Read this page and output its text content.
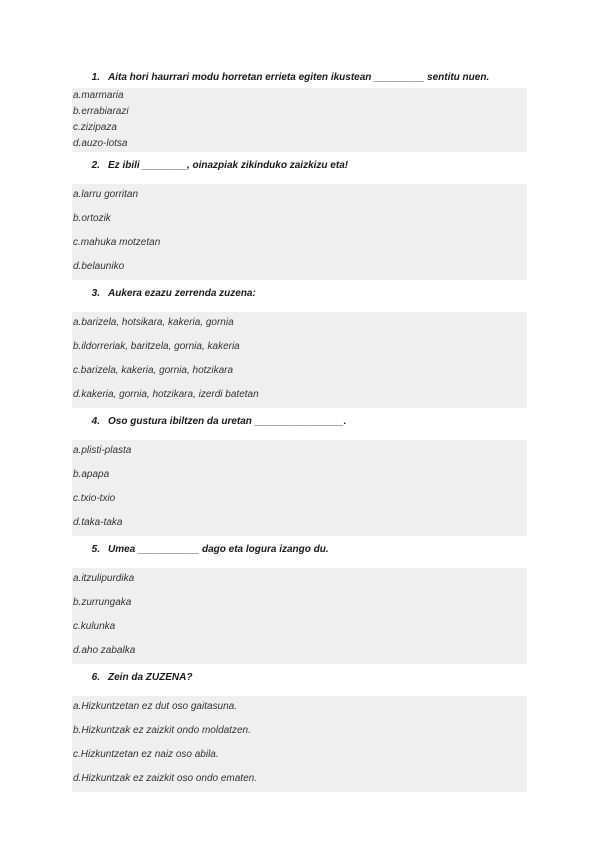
1. Aita hori haurrari modu horretan errieta egiten ikustean _________ sentitu nuen.
a.marmaria
b.errabiarazi
c.zizipaza
d.auzo-lotsa
2. Ez ibili ________, oinazpiak zikinduko zaizkizu eta!
a.larru gorritan
b.ortozik
c.mahuka motzetan
d.belauniko
3. Aukera ezazu zerrenda zuzena:
a.barizela, hotsikara, kakeria, gornia
b.ildorreriak, baritzela, gornia, kakeria
c.barizela, kakeria, gornia, hotzikara
d.kakeria, gornia, hotzikara, izerdi batetan
4. Oso gustura ibiltzen da uretan ________________.
a.plisti-plasta
b.apapa
c.txio-txio
d.taka-taka
5. Umea ___________ dago eta logura izango du.
a.itzulipurdika
b.zurrungaka
c.kulunka
d.aho zabalka
6. Zein da ZUZENA?
a.Hizkuntzetan ez dut oso gaitasuna.
b.Hizkuntzak ez zaizkit ondo moldatzen.
c.Hizkuntzetan ez naiz oso abila.
d.Hizkuntzak ez zaizkit oso ondo ematen.
